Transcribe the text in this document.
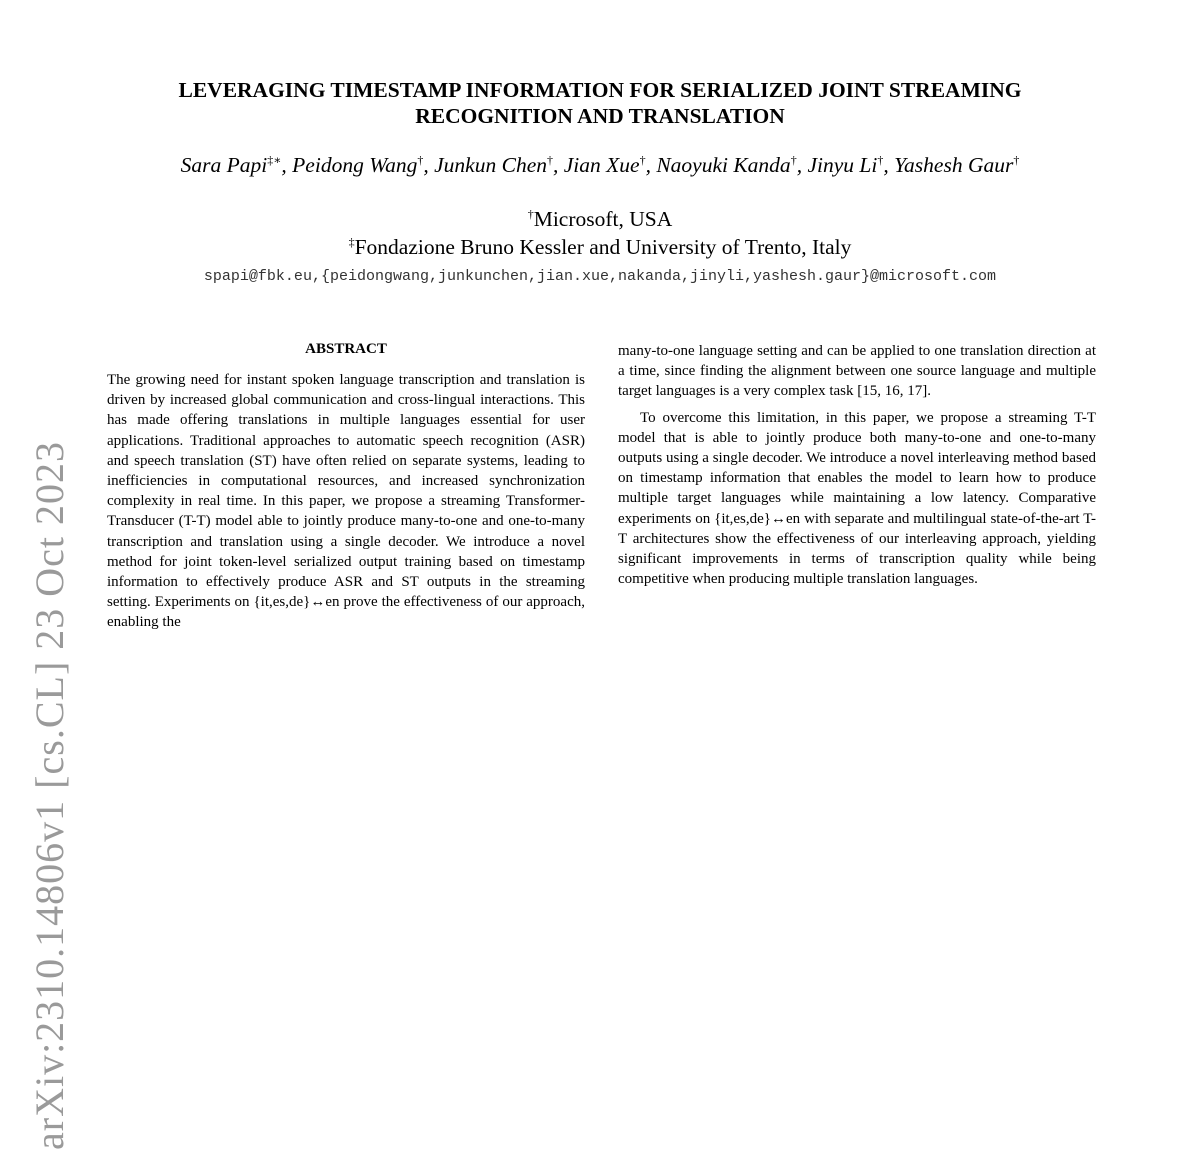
arXiv:2310.14806v1 [cs.CL] 23 Oct 2023
LEVERAGING TIMESTAMP INFORMATION FOR SERIALIZED JOINT STREAMING RECOGNITION AND TRANSLATION
Sara Papi‡∗, Peidong Wang†, Junkun Chen†, Jian Xue†, Naoyuki Kanda†, Jinyu Li†, Yashesh Gaur†
†Microsoft, USA
‡Fondazione Bruno Kessler and University of Trento, Italy
spapi@fbk.eu,{peidongwang,junkunchen,jian.xue,nakanda,jinyli,yashesh.gaur}@microsoft.com
ABSTRACT

The growing need for instant spoken language transcription and translation is driven by increased global communication and cross-lingual interactions. This has made offering translations in multiple languages essential for user applications. Traditional approaches to automatic speech recognition (ASR) and speech translation (ST) have often relied on separate systems, leading to inefficiencies in computational resources, and increased synchronization complexity in real time. In this paper, we propose a streaming Transformer-Transducer (T-T) model able to jointly produce many-to-one and one-to-many transcription and translation using a single decoder. We introduce a novel method for joint token-level serialized output training based on timestamp information to effectively produce ASR and ST outputs in the streaming setting. Experiments on {it,es,de}↔en prove the effectiveness of our approach, enabling the

many-to-one language setting and can be applied to one translation direction at a time, since finding the alignment between one source language and multiple target languages is a very complex task [15, 16, 17].

To overcome this limitation, in this paper, we propose a streaming T-T model that is able to jointly produce both many-to-one and one-to-many outputs using a single decoder. We introduce a novel interleaving method based on timestamp information that enables the model to learn how to produce multiple target languages while maintaining a low latency. Comparative experiments on {it,es,de}↔en with separate and multilingual state-of-the-art T-T architectures show the effectiveness of our interleaving approach, yielding significant improvements in terms of transcription quality while being competitive when producing multiple translation languages.
